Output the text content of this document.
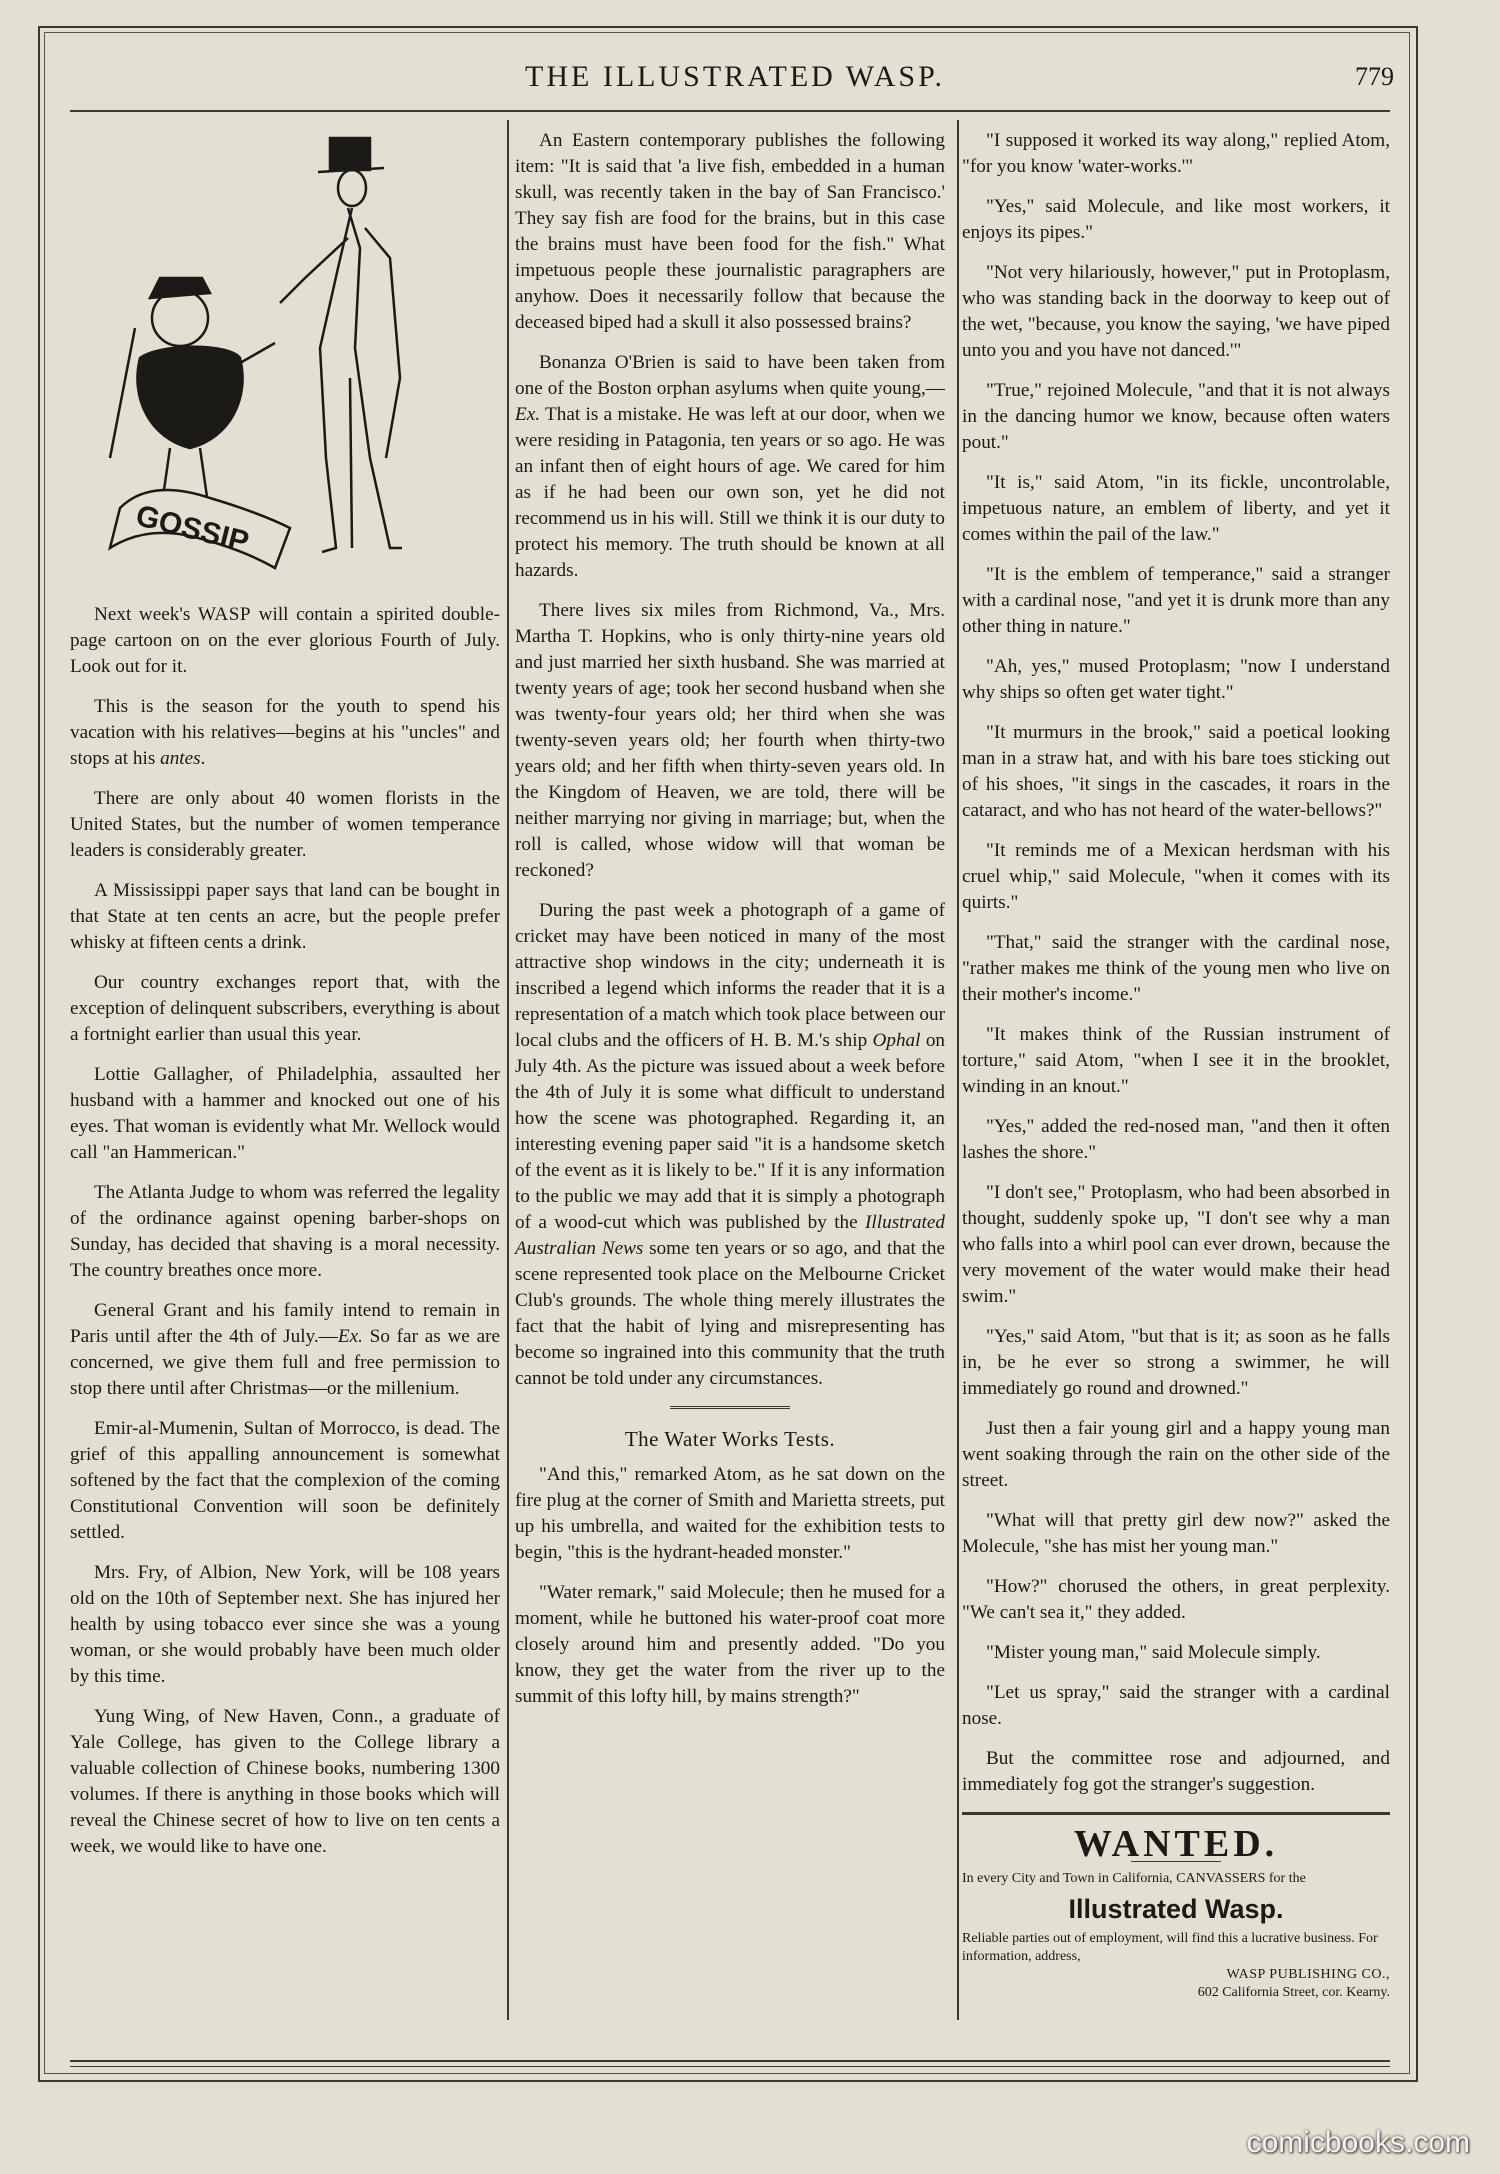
THE ILLUSTRATED WASP.	779
GOSSIP

Next week's WASP will contain a spirited double-page cartoon on on the ever glorious Fourth of July. Look out for it.

This is the season for the youth to spend his vacation with his relatives—begins at his "uncles" and stops at his antes.

There are only about 40 women florists in the United States, but the number of women temperance leaders is considerably greater.

A Mississippi paper says that land can be bought in that State at ten cents an acre, but the people prefer whisky at fifteen cents a drink.

Our country exchanges report that, with the exception of delinquent subscribers, everything is about a fortnight earlier than usual this year.

Lottie Gallagher, of Philadelphia, assaulted her husband with a hammer and knocked out one of his eyes. That woman is evidently what Mr. Wellock would call "an Hammerican."

The Atlanta Judge to whom was referred the legality of the ordinance against opening barber-shops on Sunday, has decided that shaving is a moral necessity. The country breathes once more.

General Grant and his family intend to remain in Paris until after the 4th of July.—Ex. So far as we are concerned, we give them full and free permission to stop there until after Christmas—or the millenium.

Emir-al-Mumenin, Sultan of Morrocco, is dead. The grief of this appalling announcement is somewhat softened by the fact that the complexion of the coming Constitutional Convention will soon be definitely settled.

Mrs. Fry, of Albion, New York, will be 108 years old on the 10th of September next. She has injured her health by using tobacco ever since she was a young woman, or she would probably have been much older by this time.

Yung Wing, of New Haven, Conn., a graduate of Yale College, has given to the College library a valuable collection of Chinese books, numbering 1300 volumes. If there is anything in those books which will reveal the Chinese secret of how to live on ten cents a week, we would like to have one.

An Eastern contemporary publishes the following item: "It is said that 'a live fish, embedded in a human skull, was recently taken in the bay of San Francisco.' They say fish are food for the brains, but in this case the brains must have been food for the fish." What impetuous people these journalistic paragraphers are anyhow. Does it necessarily follow that because the deceased biped had a skull it also possessed brains?

Bonanza O'Brien is said to have been taken from one of the Boston orphan asylums when quite young,—Ex. That is a mistake. He was left at our door, when we were residing in Patagonia, ten years or so ago. He was an infant then of eight hours of age. We cared for him as if he had been our own son, yet he did not recommend us in his will. Still we think it is our duty to protect his memory. The truth should be known at all hazards.

There lives six miles from Richmond, Va., Mrs. Martha T. Hopkins, who is only thirty-nine years old and just married her sixth husband. She was married at twenty years of age; took her second husband when she was twenty-four years old; her third when she was twenty-seven years old; her fourth when thirty-two years old; and her fifth when thirty-seven years old. In the Kingdom of Heaven, we are told, there will be neither marrying nor giving in marriage; but, when the roll is called, whose widow will that woman be reckoned?

During the past week a photograph of a game of cricket may have been noticed in many of the most attractive shop windows in the city; underneath it is inscribed a legend which informs the reader that it is a representation of a match which took place between our local clubs and the officers of H. B. M.'s ship Ophal on July 4th. As the picture was issued about a week before the 4th of July it is some what difficult to understand how the scene was photographed. Regarding it, an interesting evening paper said "it is a handsome sketch of the event as it is likely to be." If it is any information to the public we may add that it is simply a photograph of a wood-cut which was published by the Illustrated Australian News some ten years or so ago, and that the scene represented took place on the Melbourne Cricket Club's grounds. The whole thing merely illustrates the fact that the habit of lying and misrepresenting has become so ingrained into this community that the truth cannot be told under any circumstances.

The Water Works Tests.

"And this," remarked Atom, as he sat down on the fire plug at the corner of Smith and Marietta streets, put up his umbrella, and waited for the exhibition tests to begin, "this is the hydrant-headed monster."

"Water remark," said Molecule; then he mused for a moment, while he buttoned his water-proof coat more closely around him and presently added. "Do you know, they get the water from the river up to the summit of this lofty hill, by mains strength?"

"I supposed it worked its way along," replied Atom, "for you know 'water-works.'"

"Yes," said Molecule, and like most workers, it enjoys its pipes."

"Not very hilariously, however," put in Protoplasm, who was standing back in the doorway to keep out of the wet, "because, you know the saying, 'we have piped unto you and you have not danced.'"

"True," rejoined Molecule, "and that it is not always in the dancing humor we know, because often waters pout."

"It is," said Atom, "in its fickle, uncontrolable, impetuous nature, an emblem of liberty, and yet it comes within the pail of the law."

"It is the emblem of temperance," said a stranger with a cardinal nose, "and yet it is drunk more than any other thing in nature."

"Ah, yes," mused Protoplasm; "now I understand why ships so often get water tight."

"It murmurs in the brook," said a poetical looking man in a straw hat, and with his bare toes sticking out of his shoes, "it sings in the cascades, it roars in the cataract, and who has not heard of the water-bellows?"

"It reminds me of a Mexican herdsman with his cruel whip," said Molecule, "when it comes with its quirts."

"That," said the stranger with the cardinal nose, "rather makes me think of the young men who live on their mother's income."

"It makes think of the Russian instrument of torture," said Atom, "when I see it in the brooklet, winding in an knout."

"Yes," added the red-nosed man, "and then it often lashes the shore."

"I don't see," Protoplasm, who had been absorbed in thought, suddenly spoke up, "I don't see why a man who falls into a whirl pool can ever drown, because the very movement of the water would make their head swim."

"Yes," said Atom, "but that is it; as soon as he falls in, be he ever so strong a swimmer, he will immediately go round and drowned."

Just then a fair young girl and a happy young man went soaking through the rain on the other side of the street.

"What will that pretty girl dew now?" asked the Molecule, "she has mist her young man."

"How?" chorused the others, in great perplexity. "We can't sea it," they added.

"Mister young man," said Molecule simply.

"Let us spray," said the stranger with a cardinal nose.

But the committee rose and adjourned, and immediately fog got the stranger's suggestion.

WANTED.
In every City and Town in California, CANVASSERS for the
Illustrated Wasp.
Reliable parties out of employment, will find this a lucrative business. For information, address,
WASP PUBLISHING CO.,
602 California Street, cor. Kearny.
comicbooks.com
